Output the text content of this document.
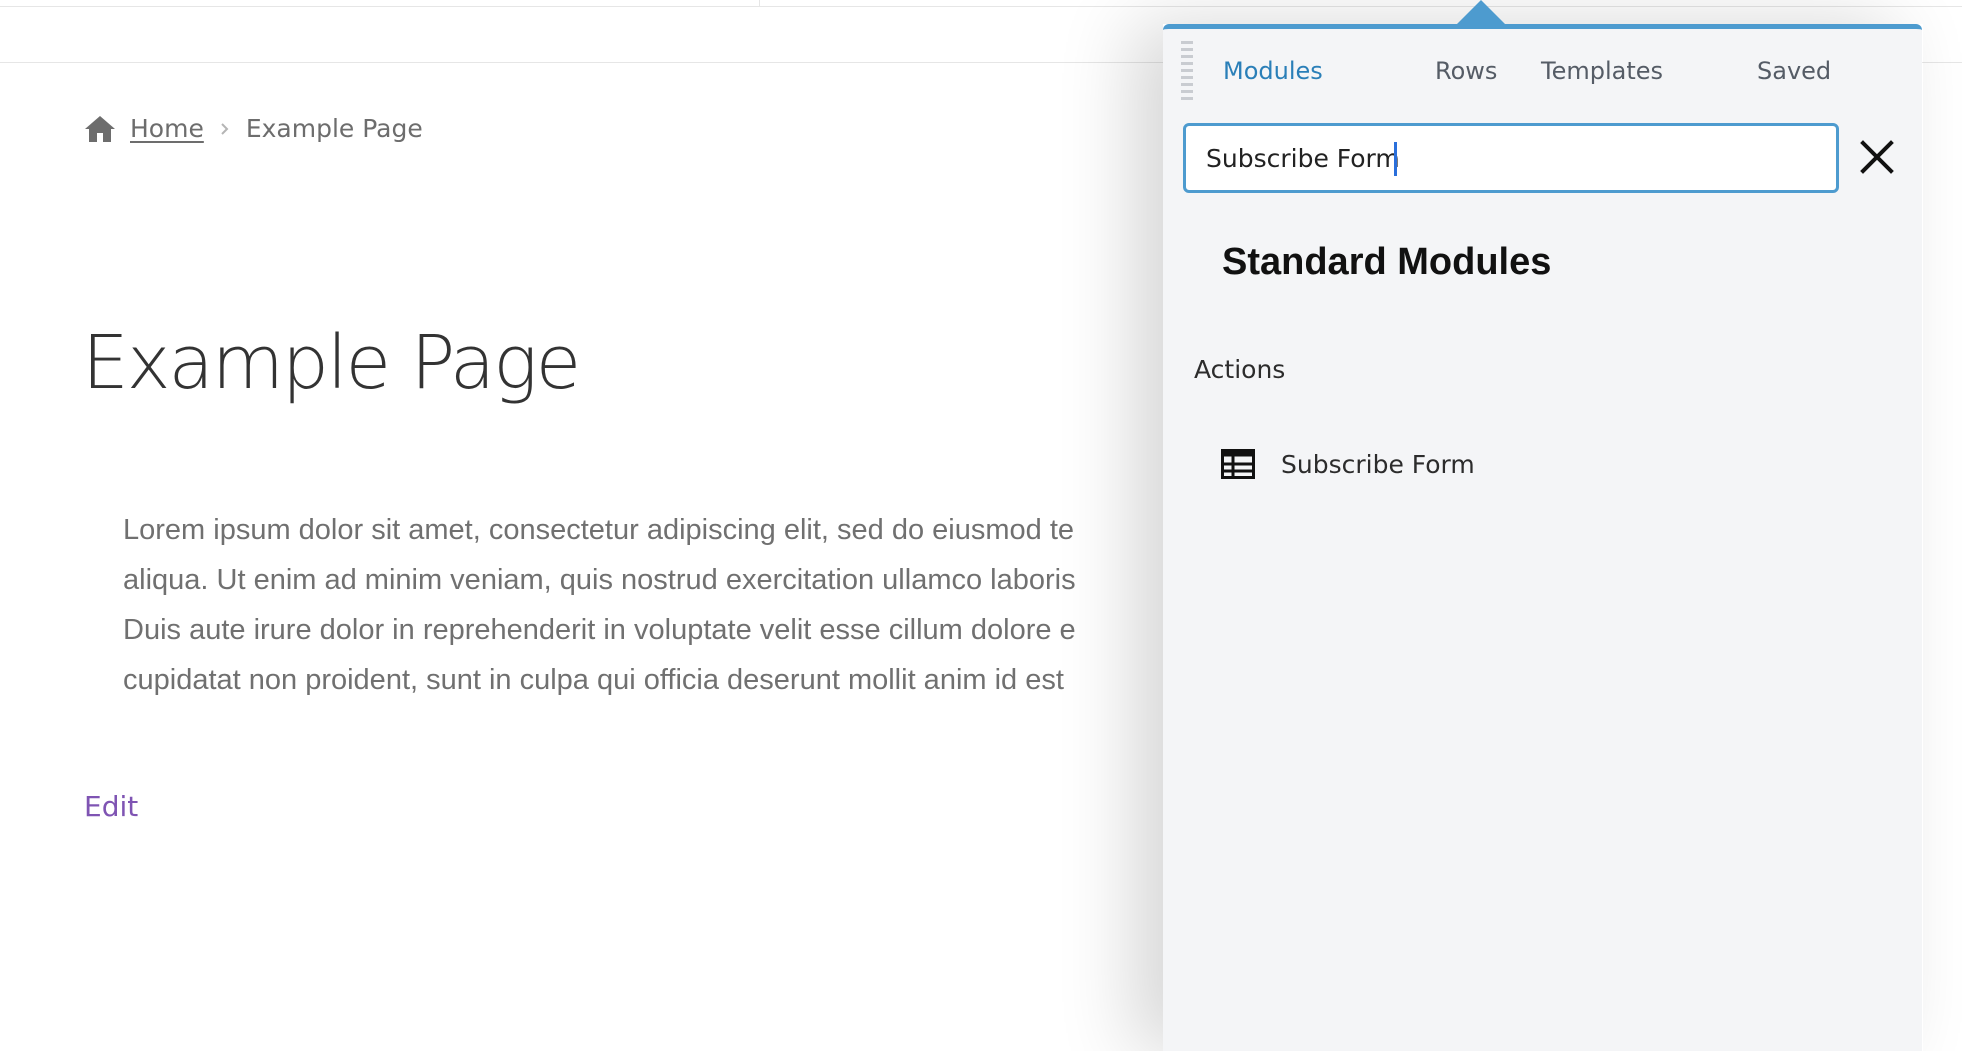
Home Example Page
Example Page
Lorem ipsum dolor sit amet, consectetur adipiscing elit, sed do eiusmod te
aliqua. Ut enim ad minim veniam, quis nostrud exercitation ullamco laboris
Duis aute irure dolor in reprehenderit in voluptate velit esse cillum dolore e
cupidatat non proident, sunt in culpa qui officia deserunt mollit anim id est
Edit
Modules	Rows Templates	Saved
Subscribe Form
Standard Modules
Actions
Subscribe Form
